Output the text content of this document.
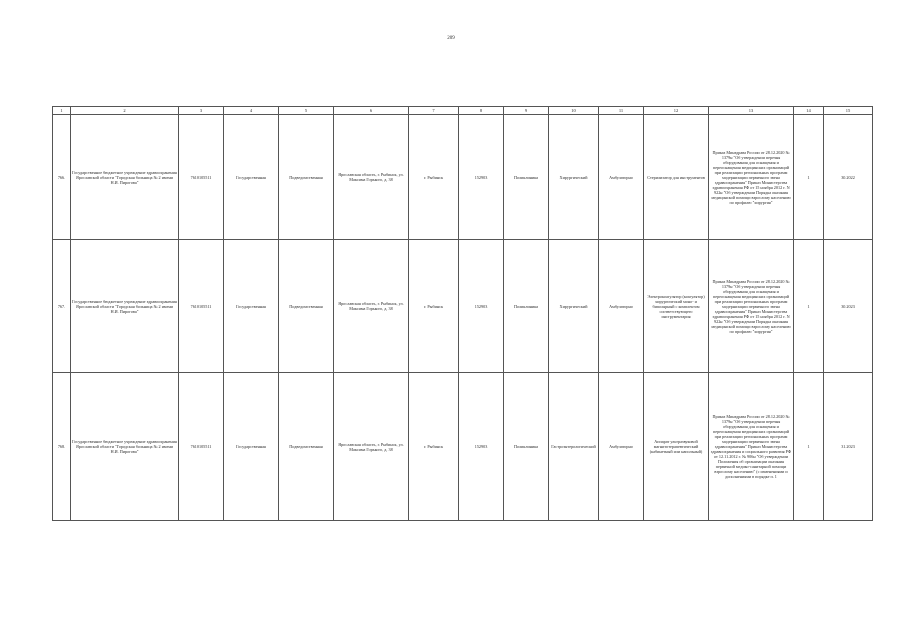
209
1	2	3	4	5	6	7	8	9	10	11	12	13	14	15
766.	Государственное бюджетное учреждение здравоохранения Ярославской области "Городская больница № 2 имени Н.И. Пирогова"	7610105511	Государственная	Подведомственная	Ярославская область, г. Рыбинск, ул. Максима Горького, д. 38	г. Рыбинск	152903	Поликлиника	Хирургический	Амбулаторно	Стерилизатор для инструментов	Приказ Минздрава России от 28.12.2020 № 1379н "Об утверждении перечня оборудования для оснащения и переоснащения медицинских организаций при реализации региональных программ модернизации первичного звена здравоохранения" Приказ Министерства здравоохранения РФ от 15 ноября 2012 г. N 922н "Об утверждении Порядка оказания медицинской помощи взрослому населению по профилю "хирургия"	1	30.2022
767.	Государственное бюджетное учреждение здравоохранения Ярославской области "Городская больница № 2 имени Н.И. Пирогова"	7610105511	Государственная	Подведомственная	Ярославская область, г. Рыбинск, ул. Максима Горького, д. 38	г. Рыбинск	152903	Поликлиника	Хирургический	Амбулаторно	Электрокоагулятор (коагулятор) хирургический моно- и биполярный с комплектом соответствующего инструментария	Приказ Минздрава России от 28.12.2020 № 1379н "Об утверждении перечня оборудования для оснащения и переоснащения медицинских организаций при реализации региональных программ модернизации первичного звена здравоохранения" Приказ Министерства здравоохранения РФ от 15 ноября 2012 г. N 922н "Об утверждении Порядка оказания медицинской помощи взрослому населению по профилю "хирургия"	1	30.2023
768.	Государственное бюджетное учреждение здравоохранения Ярославской области "Городская больница № 2 имени Н.И. Пирогова"	7610105511	Государственная	Подведомственная	Ярославская область, г. Рыбинск, ул. Максима Горького, д. 38	г. Рыбинск	152903	Поликлиника	Гастроэнтерологический	Амбулаторно	Аппарат ультразвуковой магнитотерапевтический (кабинетный или напольный)	Приказ Минздрава России от 28.12.2020 № 1379н "Об утверждении перечня оборудования для оснащения и переоснащения медицинских организаций при реализации региональных программ модернизации первичного звена здравоохранения" Приказ Министерства здравоохранения и социального развития РФ от 12.11.2012 г. № 906н "Об утверждении Положения об организации оказания первичной медико-санитарной помощи взрослому населению" (с изменениями и дополнениями в порядке п. 1	1	31.2023
